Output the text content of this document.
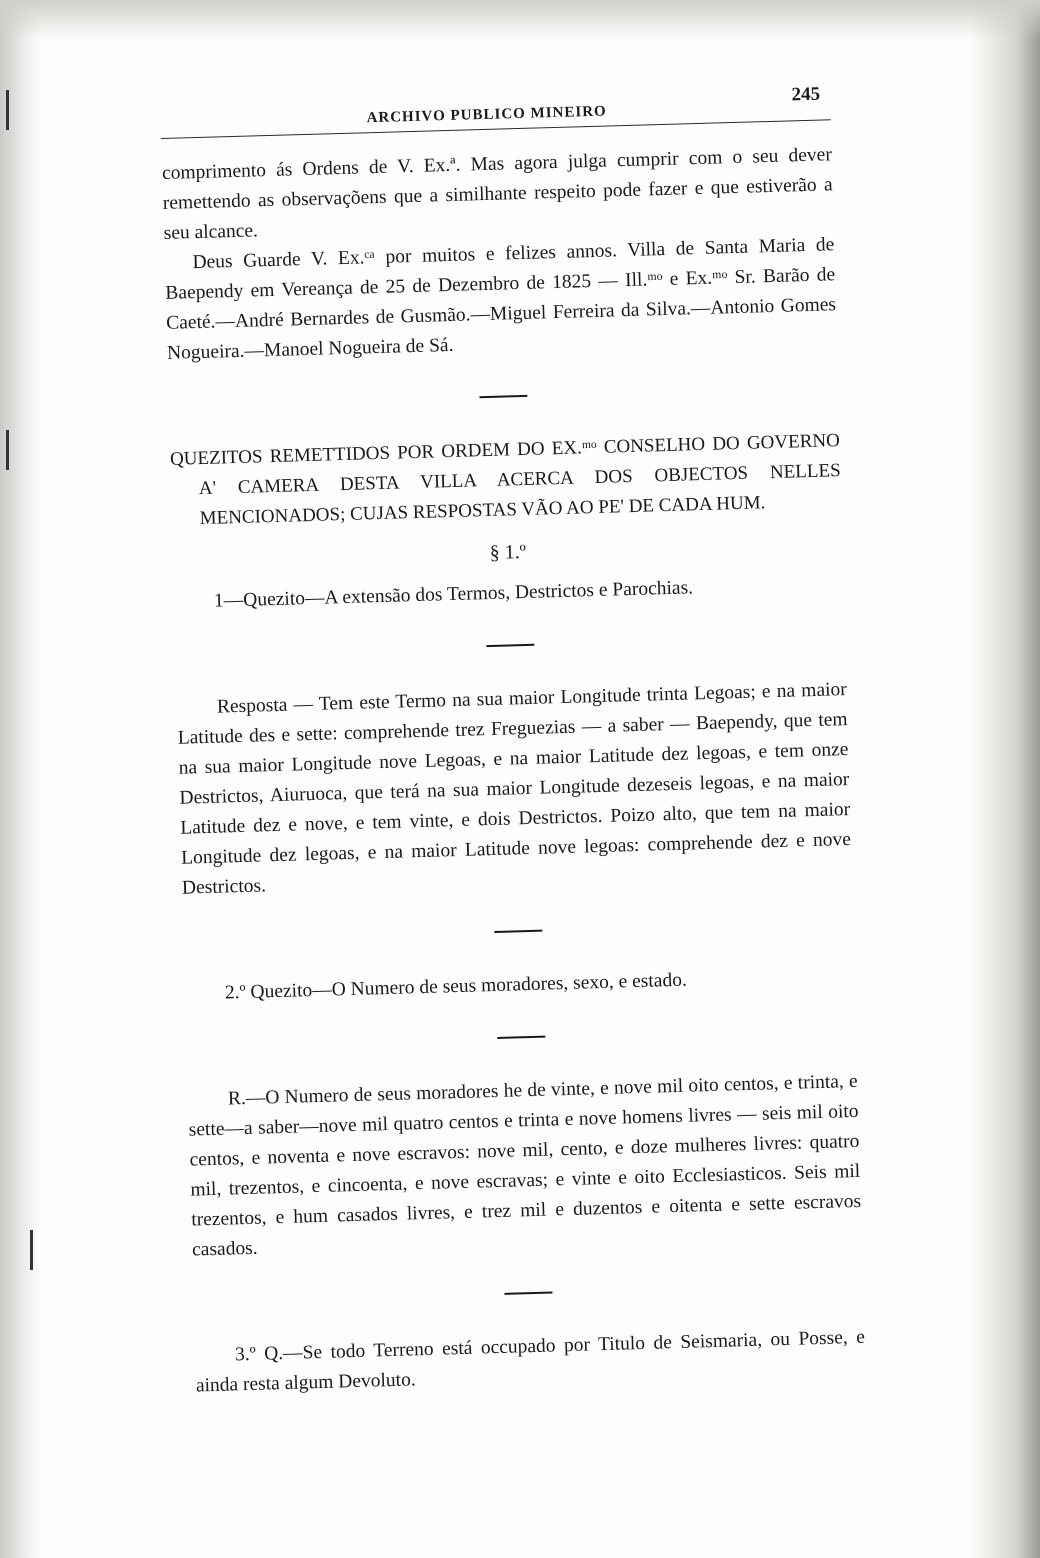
ARCHIVO PUBLICO MINEIRO
245

comprimento ás Ordens de V. Ex.ª. Mas agora julga cumprir com o seu dever remettendo as observaçõens que a similhante respeito pode fazer e que estiverão a seu alcance.

Deus Guarde V. Ex.ᶜᵃ por muitos e felizes annos. Villa de Santa Maria de Baependy em Vereança de 25 de Dezembro de 1825 — Ill.ᵐᵒ e Ex.ᵐᵒ Sr. Barão de Caeté.—André Bernardes de Gusmão.—Miguel Ferreira da Silva.—Antonio Gomes Nogueira.—Manoel Nogueira de Sá.

QUEZITOS REMETTIDOS POR ORDEM DO EX.ᵐᵒ CONSELHO DO GOVERNO A' CAMERA DESTA VILLA ACERCA DOS OBJECTOS NELLES MENCIONADOS; CUJAS RESPOSTAS VÃO AO PE' DE CADA HUM.

§ 1.º

1—Quezito—A extensão dos Termos, Destrictos e Parochias.

Resposta — Tem este Termo na sua maior Longitude trinta Legoas; e na maior Latitude des e sette: comprehende trez Freguezias — a saber — Baependy, que tem na sua maior Longitude nove Legoas, e na maior Latitude dez legoas, e tem onze Destrictos, Aiuruoca, que terá na sua maior Longitude dezeseis legoas, e na maior Latitude dez e nove, e tem vinte, e dois Destrictos. Poizo alto, que tem na maior Longitude dez legoas, e na maior Latitude nove legoas: comprehende dez e nove Destrictos.

2.º Quezito—O Numero de seus moradores, sexo, e estado.

R.—O Numero de seus moradores he de vinte, e nove mil oito centos, e trinta, e sette—a saber—nove mil quatro centos e trinta e nove homens livres — seis mil oito centos, e noventa e nove escravos: nove mil, cento, e doze mulheres livres: quatro mil, trezentos, e cincoenta, e nove escravas; e vinte e oito Ecclesiasticos. Seis mil trezentos, e hum casados livres, e trez mil e duzentos e oitenta e sette escravos casados.

3.º Q.—Se todo Terreno está occupado por Titulo de Seismaria, ou Posse, e ainda resta algum Devoluto.
